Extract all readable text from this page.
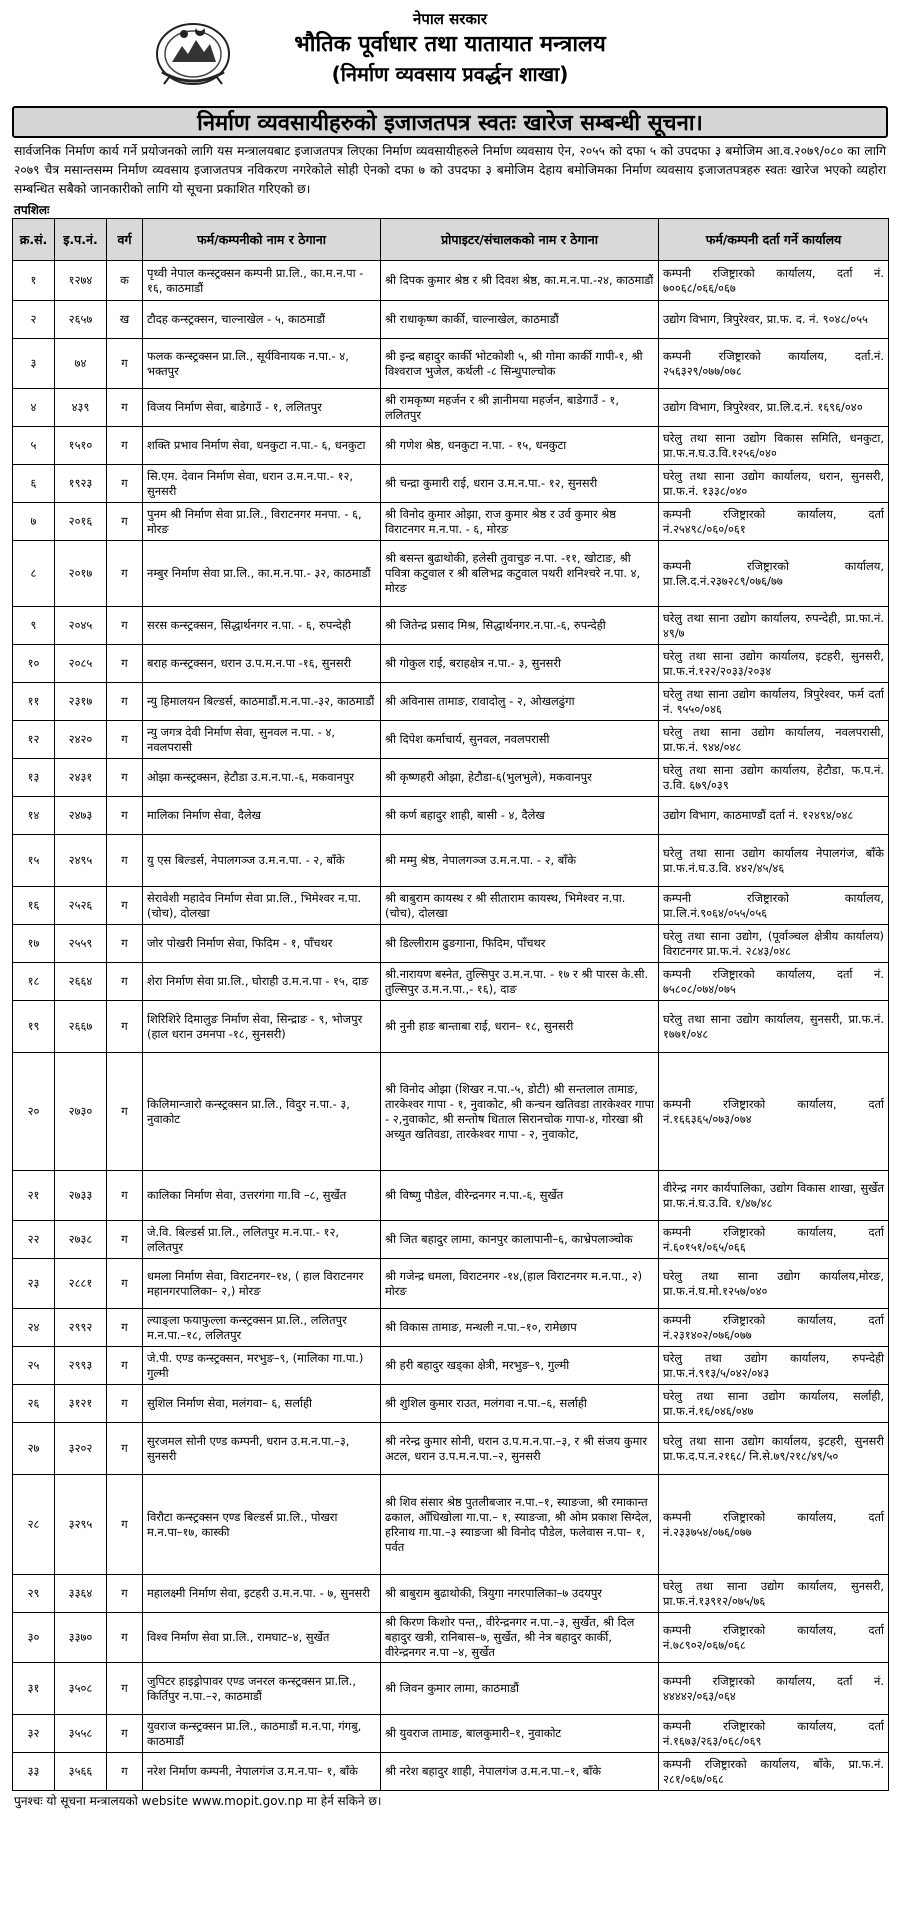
नेपाल सरकार
भौतिक पूर्वाधार तथा यातायात मन्त्रालय
(निर्माण व्यवसाय प्रवर्द्धन शाखा)
निर्माण व्यवसायीहरुको इजाजतपत्र स्वतः खारेज सम्बन्धी सूचना।
सार्वजनिक निर्माण कार्य गर्ने प्रयोजनको लागि यस मन्त्रालयबाट इजाजतपत्र लिएका निर्माण व्यवसायीहरुले निर्माण व्यवसाय ऐन, २०५५ को दफा ५ को उपदफा ३ बमोजिम आ.व.२०७९/०८० का लागि २०७९ चैत्र मसान्तसम्म निर्माण व्यवसाय इजाजतपत्र नविकरण नगरेकोले सोही ऐनको दफा ७ को उपदफा ३ बमोजिम देहाय बमोजिमका निर्माण व्यवसाय इजाजतपत्रहरु स्वतः खारेज भएको व्यहोरा सम्बन्धित सबैको जानकारीको लागि यो सूचना प्रकाशित गरिएको छ।
तपशिलः
क्र.सं.	इ.प.नं.	वर्ग	फर्म/कम्पनीको नाम र ठेगाना	प्रोपाइटर/संचालकको नाम र ठेगाना	फर्म/कम्पनी दर्ता गर्ने कार्यालय
१	१२७४	क	पृथ्वी नेपाल कन्स्ट्रक्सन कम्पनी प्रा.लि., का.म.न.पा - १६, काठमाडौं	श्री दिपक कुमार श्रेष्ठ र श्री दिवश श्रेष्ठ, का.म.न.पा.-२४, काठमाडौं	कम्पनी रजिष्ट्रारको कार्यालय, दर्ता नं. ७००६८/०६६/०६७
२	२६५७	ख	टौदह कन्स्ट्रक्सन, चाल्नाखेल - ५, काठमाडौं	श्री राधाकृष्ण कार्की, चाल्नाखेल, काठमाडौं	उद्योग विभाग, त्रिपुरेश्वर, प्रा.फ. द. नं. ९०४८/०५५
३	७४	ग	फलक कन्स्ट्रक्सन प्रा.लि., सूर्यविनायक न.पा.- ४, भक्तपुर	श्री इन्द्र बहादुर कार्की भोटकोशी ५, श्री गोमा कार्की गापी-१, श्री विश्वराज भुजेल, कर्थली -८ सिन्धुपाल्चोक	कम्पनी रजिष्ट्रारको कार्यालय, दर्ता.नं. २५६३२९/०७७/०७८
४	४३९	ग	विजय निर्माण सेवा, बाडेगाउँ - १, ललितपुर	श्री रामकृष्ण महर्जन र श्री ज्ञानीमया महर्जन, बाडेगाउँ - १, ललितपुर	उद्योग विभाग, त्रिपुरेश्वर, प्रा.लि.द.नं. १६९६/०४०
५	१५१०	ग	शक्ति प्रभाव निर्माण सेवा, धनकुटा न.पा.- ६, धनकुटा	श्री गणेश श्रेष्ठ, धनकुटा न.पा. - १५, धनकुटा	घरेलु तथा साना उद्योग विकास समिति, धनकुटा, प्रा.फ.न.घ.उ.वि.१२५६/०४०
६	१९२३	ग	सि.एम. देवान निर्माण सेवा, धरान उ.म.न.पा.- १२, सुनसरी	श्री चन्द्रा कुमारी राई, धरान उ.म.न.पा.- १२, सुनसरी	घरेलु तथा साना उद्योग कार्यालय, धरान, सुनसरी, प्रा.फ.नं. १३३८/०४०
७	२०१६	ग	पुनम श्री निर्माण सेवा प्रा.लि., विराटनगर मनपा. - ६, मोरङ	श्री विनोद कुमार ओझा, राज कुमार श्रेष्ठ र उर्व कुमार श्रेष्ठ विराटनगर म.न.पा. - ६, मोरङ	कम्पनी रजिष्ट्रारको कार्यालय, दर्ता नं.२५४९८/०६०/०६१
८	२०१७	ग	नम्बुर निर्माण सेवा प्रा.लि., का.म.न.पा.- ३२, काठमाडौं	श्री बसन्त बुढाथोकी, हलेसी तुवाचुङ न.पा. -११, खोटाङ, श्री पवित्रा कटुवाल र श्री बलिभद्र कटुवाल पथरी शनिश्चरे न.पा. ४, मोरङ	कम्पनी रजिष्ट्रारको कार्यालय, प्रा.लि.द.नं.२३७२८९/०७६/७७
९	२०४५	ग	सरस कन्स्ट्रक्सन, सिद्धार्थनगर न.पा. - ६, रुपन्देही	श्री जितेन्द्र प्रसाद मिश्र, सिद्धार्थनगर.न.पा.-६, रुपन्देही	घरेलु तथा साना उद्योग कार्यालय, रुपन्देही, प्रा.फा.नं. ४९/७
१०	२०८५	ग	बराह कन्स्ट्रक्सन, धरान उ.प.म.न.पा -१६, सुनसरी	श्री गोकुल राई, बराहक्षेत्र न.पा.- ३, सुनसरी	घरेलु तथा साना उद्योग कार्यालय, इटहरी, सुनसरी, प्रा.फ.नं.१२२/२०३३/२०३४
११	२३१७	ग	न्यु हिमालयन बिल्डर्स, काठमाडौं.म.न.पा.-३२, काठमाडौं	श्री अविनास तामाङ, रावादोलु - २, ओखलढुंगा	घरेलु तथा साना उद्योग कार्यालय, त्रिपुरेश्वर, फर्म दर्ता नं. ९५५०/०४६
१२	२४२०	ग	न्यु जगत्र देवी निर्माण सेवा, सुनवल न.पा. - ४, नवलपरासी	श्री दिपेश कर्माचार्य, सुनवल, नवलपरासी	घरेलु तथा साना उद्योग कार्यालय, नवलपरासी, प्रा.फ.नं. ९४४/०४८
१३	२४३१	ग	ओझा कन्स्ट्रक्सन, हेटौडा उ.म.न.पा.-६, मकवानपुर	श्री कृष्णहरी ओझा, हेटौडा-६(भुलभुले), मकवानपुर	घरेलु तथा साना उद्योग कार्यालय, हेटौडा, फ.प.नं. उ.वि. ६७९/०३९
१४	२४७३	ग	मालिका निर्माण सेवा, दैलेख	श्री कर्ण बहादुर शाही, बासी - ४, दैलेख	उद्योग विभाग, काठमाण्डौं दर्ता नं. १२४९४/०४८
१५	२४९५	ग	यु एस बिल्डर्स, नेपालगञ्ज उ.म.न.पा. - २, बाँके	श्री मम्मु श्रेष्ठ, नेपालगञ्ज उ.म.न.पा. - २, बाँके	घरेलु तथा साना उद्योग कार्यालय नेपालगंज, बाँके प्रा.फ.नं.घ.उ.वि. ४४२/४५/४६
१६	२५२६	ग	सेरावेशी महादेव निर्माण सेवा प्रा.लि., भिमेश्वर न.पा.(चोच), दोलखा	श्री बाबुराम कायस्थ र श्री सीताराम कायस्थ, भिमेश्वर न.पा.(चोच), दोलखा	कम्पनी रजिष्ट्रारको कार्यालय, प्रा.लि.नं.९०६४/०५५/०५६
१७	२५५९	ग	जोर पोखरी निर्माण सेवा, फिदिम - १, पाँचथर	श्री डिल्लीराम ढुङगाना, फिदिम, पाँचथर	घरेलु तथा साना उद्योग, (पूर्वाञ्चल क्षेत्रीय कार्यालय) विराटनगर प्रा.फ.नं. २८४३/०४८
१८	२६६४	ग	शेरा निर्माण सेवा प्रा.लि., घोराही उ.म.न.पा - १५, दाङ	श्री.नारायण बस्नेत, तुल्सिपुर उ.म.न.पा. - १७ र श्री पारस के.सी. तुल्सिपुर उ.म.न.पा.,- १६), दाङ	कम्पनी रजिष्ट्रारको कार्यालय, दर्ता नं. ७५८०८/०७४/०७५
१९	२६६७	ग	शिरिशिरे दिमालुङ निर्माण सेवा, सिन्द्राङ - ९, भोजपुर (हाल धरान उमनपा -१८, सुनसरी)	श्री नुनी हाङ बान्ताबा राई, धरान– १८, सुनसरी	घरेलु तथा साना उद्योग कार्यालय, सुनसरी, प्रा.फ.नं. १७७१/०४८
२०	२७३०	ग	किलिमान्जारो कन्स्ट्रक्सन प्रा.लि., विदुर न.पा.- ३, नुवाकोट	श्री विनोद ओझा (शिखर न.पा.-५, डोटी) श्री सन्तलाल तामाङ, तारकेश्वर गापा - १, नुवाकोट, श्री कन्चन खतिवडा तारकेश्वर गापा - २,नुवाकोट, श्री सन्तोष धिताल सिरानचोक गापा-४, गोरखा श्री अच्युत खतिवडा, तारकेश्वर गापा - २, नुवाकोट,	कम्पनी रजिष्ट्रारको कार्यालय, दर्ता नं.१६६३६५/०७३/०७४
२१	२७३३	ग	कालिका निर्माण सेवा, उत्तरगंगा गा.वि –८, सुर्खेत	श्री विष्णु पौडेल, वीरेन्द्रनगर न.पा.-६, सुर्खेत	वीरेन्द्र नगर कार्यपालिका, उद्योग विकास शाखा, सुर्खेत प्रा.फ.नं.घ.उ.वि. १/४७/४८
२२	२७३८	ग	जे.वि. बिल्डर्स प्रा.लि., ललितपुर म.न.पा.- १२, ललितपुर	श्री जित बहादुर लामा, कानपुर कालापानी–६, काभ्रेपलाञ्चोक	कम्पनी रजिष्ट्रारको कार्यालय, दर्ता नं.६०१५१/०६५/०६६
२३	२८८१	ग	धमला निर्माण सेवा, विराटनगर–१४, ( हाल विराटनगर महानगरपालिका– २,) मोरङ	श्री गजेन्द्र धमला, विराटनगर -१४,(हाल विराटनगर म.न.पा., २) मोरङ	घरेलु तथा साना उद्योग कार्यालय,मोरङ, प्रा.फ.नं.घ.मो.१२५७/०४०
२४	२९९२	ग	ल्याङ्ला फयाफुल्ला कन्स्ट्रक्सन प्रा.लि., ललितपुर म.न.पा.–१८, ललितपुर	श्री विकास तामाङ, मन्थली न.पा.–१०, रामेछाप	कम्पनी रजिष्ट्रारको कार्यालय, दर्ता नं.२३१४०२/०७६/०७७
२५	२९९३	ग	जे.पी. एण्ड कन्स्ट्रक्सन, मरभुङ–९, (मालिका गा.पा.) गुल्मी	श्री हरी बहादुर खड्का क्षेत्री, मरभुङ–९, गुल्मी	घरेलु तथा उद्योग कार्यालय, रुपन्देही प्रा.फ.नं.९१३/५/०४२/०४३
२६	३१२१	ग	सुशिल निर्माण सेवा, मलंगवा– ६, सर्लाही	श्री शुशिल कुमार राउत, मलंगवा न.पा.–६, सर्लाही	घरेलु तथा साना उद्योग कार्यालय, सर्लाही, प्रा.फ.नं.१६/०४६/०४७
२७	३२०२	ग	सुरजमल सोनी एण्ड कम्पनी, धरान उ.म.न.पा.–३, सुनसरी	श्री नरेन्द्र कुमार सोनी, धरान उ.प.म.न.पा.–३, र श्री संजय कुमार अटल, धरान उ.प.म.न.पा.–२, सुनसरी	घरेलु तथा साना उद्योग कार्यालय, इटहरी, सुनसरी प्रा.फ.द.प.न.२१६८/ नि.से.७९/२१८/४९/५०
२८	३२९५	ग	विरौटा कन्स्ट्रक्सन एण्ड बिल्डर्स प्रा.लि., पोखरा म.न.पा–१७, कास्की	श्री शिव संसार श्रेष्ठ पुतलीबजार न.पा.–१, स्याङजा, श्री रमाकान्त ढकाल, आँधिखोला गा.पा.– १, स्याङजा, श्री ओम प्रकाश सिग्देल, हरिनाथ गा.पा.–३ स्याङजा श्री विनोद पौडेल, फलेवास न.पा– १, पर्वत	कम्पनी रजिष्ट्रारको कार्यालय, दर्ता नं.२३३७५४/०७६/०७७
२९	३३६४	ग	महालक्ष्मी निर्माण सेवा, इटहरी उ.म.न.पा. - ७, सुनसरी	श्री बाबुराम बुढाथोकी, त्रियुगा नगरपालिका–७ उदयपुर	घरेलु तथा साना उद्योग कार्यालय, सुनसरी, प्रा.फ.नं.१३९१२/०७५/७६
३०	३३७०	ग	विश्व निर्माण सेवा प्रा.लि., रामघाट–४, सुर्खेत	श्री किरण किशोर पन्त,, वीरेन्द्रनगर न.पा.–३, सुर्खेत, श्री दिल बहादुर खत्री, रानिबास–७, सुर्खेत, श्री नेत्र बहादुर कार्की, वीरेन्द्रनगर न.पा –४, सुर्खेत	कम्पनी रजिष्ट्रारको कार्यालय, दर्ता नं.७८९०२/०६७/०६८
३१	३५०८	ग	जुपिटर हाइड्रोपावर एण्ड जनरल कन्स्ट्रक्सन प्रा.लि., किर्तिपुर न.पा.–२, काठमाडौं	श्री जिवन कुमार लामा, काठमाडौं	कम्पनी रजिष्ट्रारको कार्यालय, दर्ता नं. ४४४४२/०६३/०६४
३२	३५५८	ग	युवराज कन्स्ट्रक्सन प्रा.लि., काठमाडौं म.न.पा, गंगबु, काठमाडौं	श्री युवराज तामाङ, बालकुमारी–१, नुवाकोट	कम्पनी रजिष्ट्रारको कार्यालय, दर्ता नं.१६७३/२६३/०६८/०६९
३३	३५६६	ग	नरेश निर्माण कम्पनी, नेपालगंज उ.म.न.पा– १, बाँके	श्री नरेश बहादुर शाही, नेपालगंज उ.म.न.पा.–१, बाँके	कम्पनी रजिष्ट्रारको कार्यालय, बाँके, प्रा.फ.नं. २८१/०६७/०६८
पुनश्चः यो सूचना मन्त्रालयको website www.mopit.gov.np मा हेर्न सकिने छ।
